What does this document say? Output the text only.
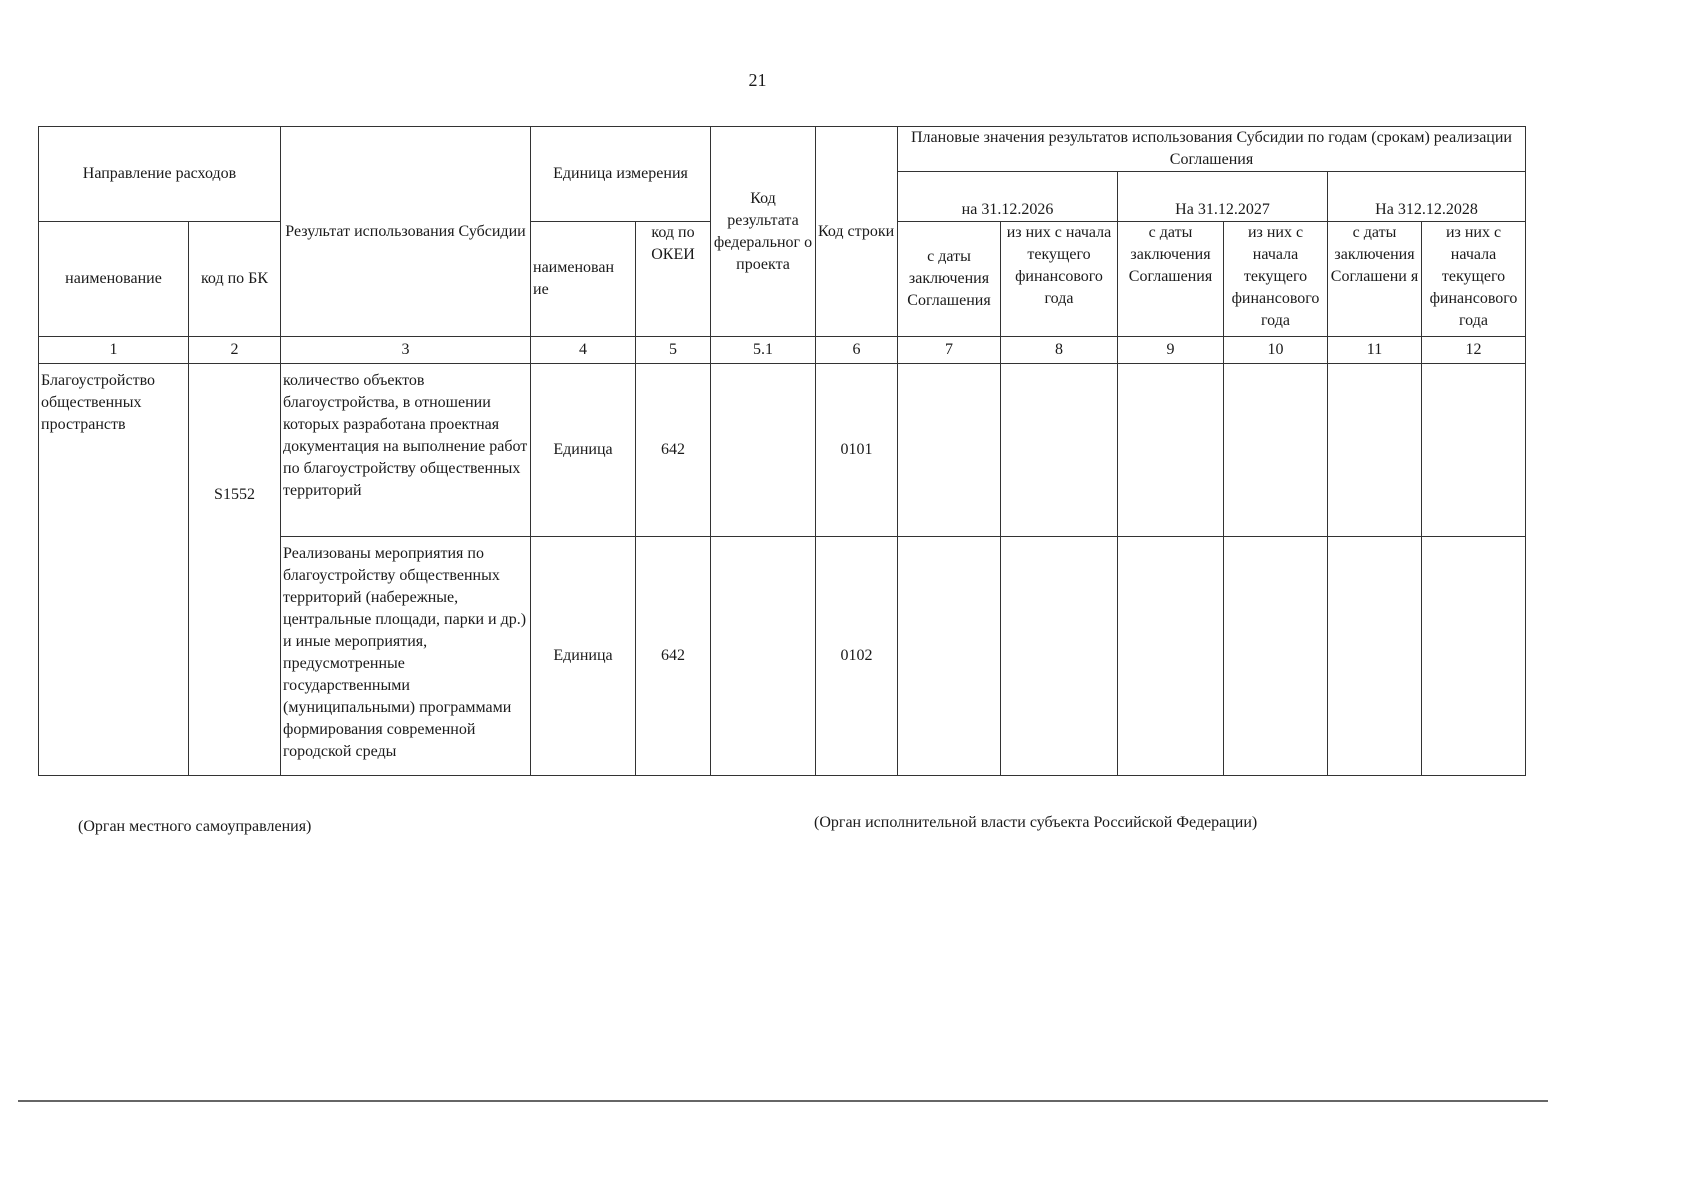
21
Направление расходов		Результат использования Субсидии	Единица измерения		Код результата федеральног о проекта	Код строки	Плановые значения результатов использования Субсидии по годам (срокам) реализации Соглашения					
							на 31.12.2026		На 31.12.2027		На 312.12.2028	
наименование	код по БК		наименован ие	код по ОКЕИ								
							с даты заключения Соглашения	из них с начала текущего финансового года	с даты заключения Соглашения	из них с начала текущего финансового года	с даты заключения Соглашени я	из них с начала текущего финансового года
1	2	3	4	5	5.1	6	7	8	9	10	11	12
Благоустройство общественных пространств	S1552	количество объектов благоустройства, в отношении которых разработана проектная документация на выполнение работ по благоустройству общественных территорий	Единица	642		0101						
		Реализованы мероприятия по благоустройству общественных территорий (набережные, центральные площади, парки и др.) и иные мероприятия, предусмотренные государственными (муниципальными) программами формирования современной городской среды	Единица	642		0102						
(Орган местного самоуправления)	(Орган исполнительной власти субъекта Российской Федерации)
